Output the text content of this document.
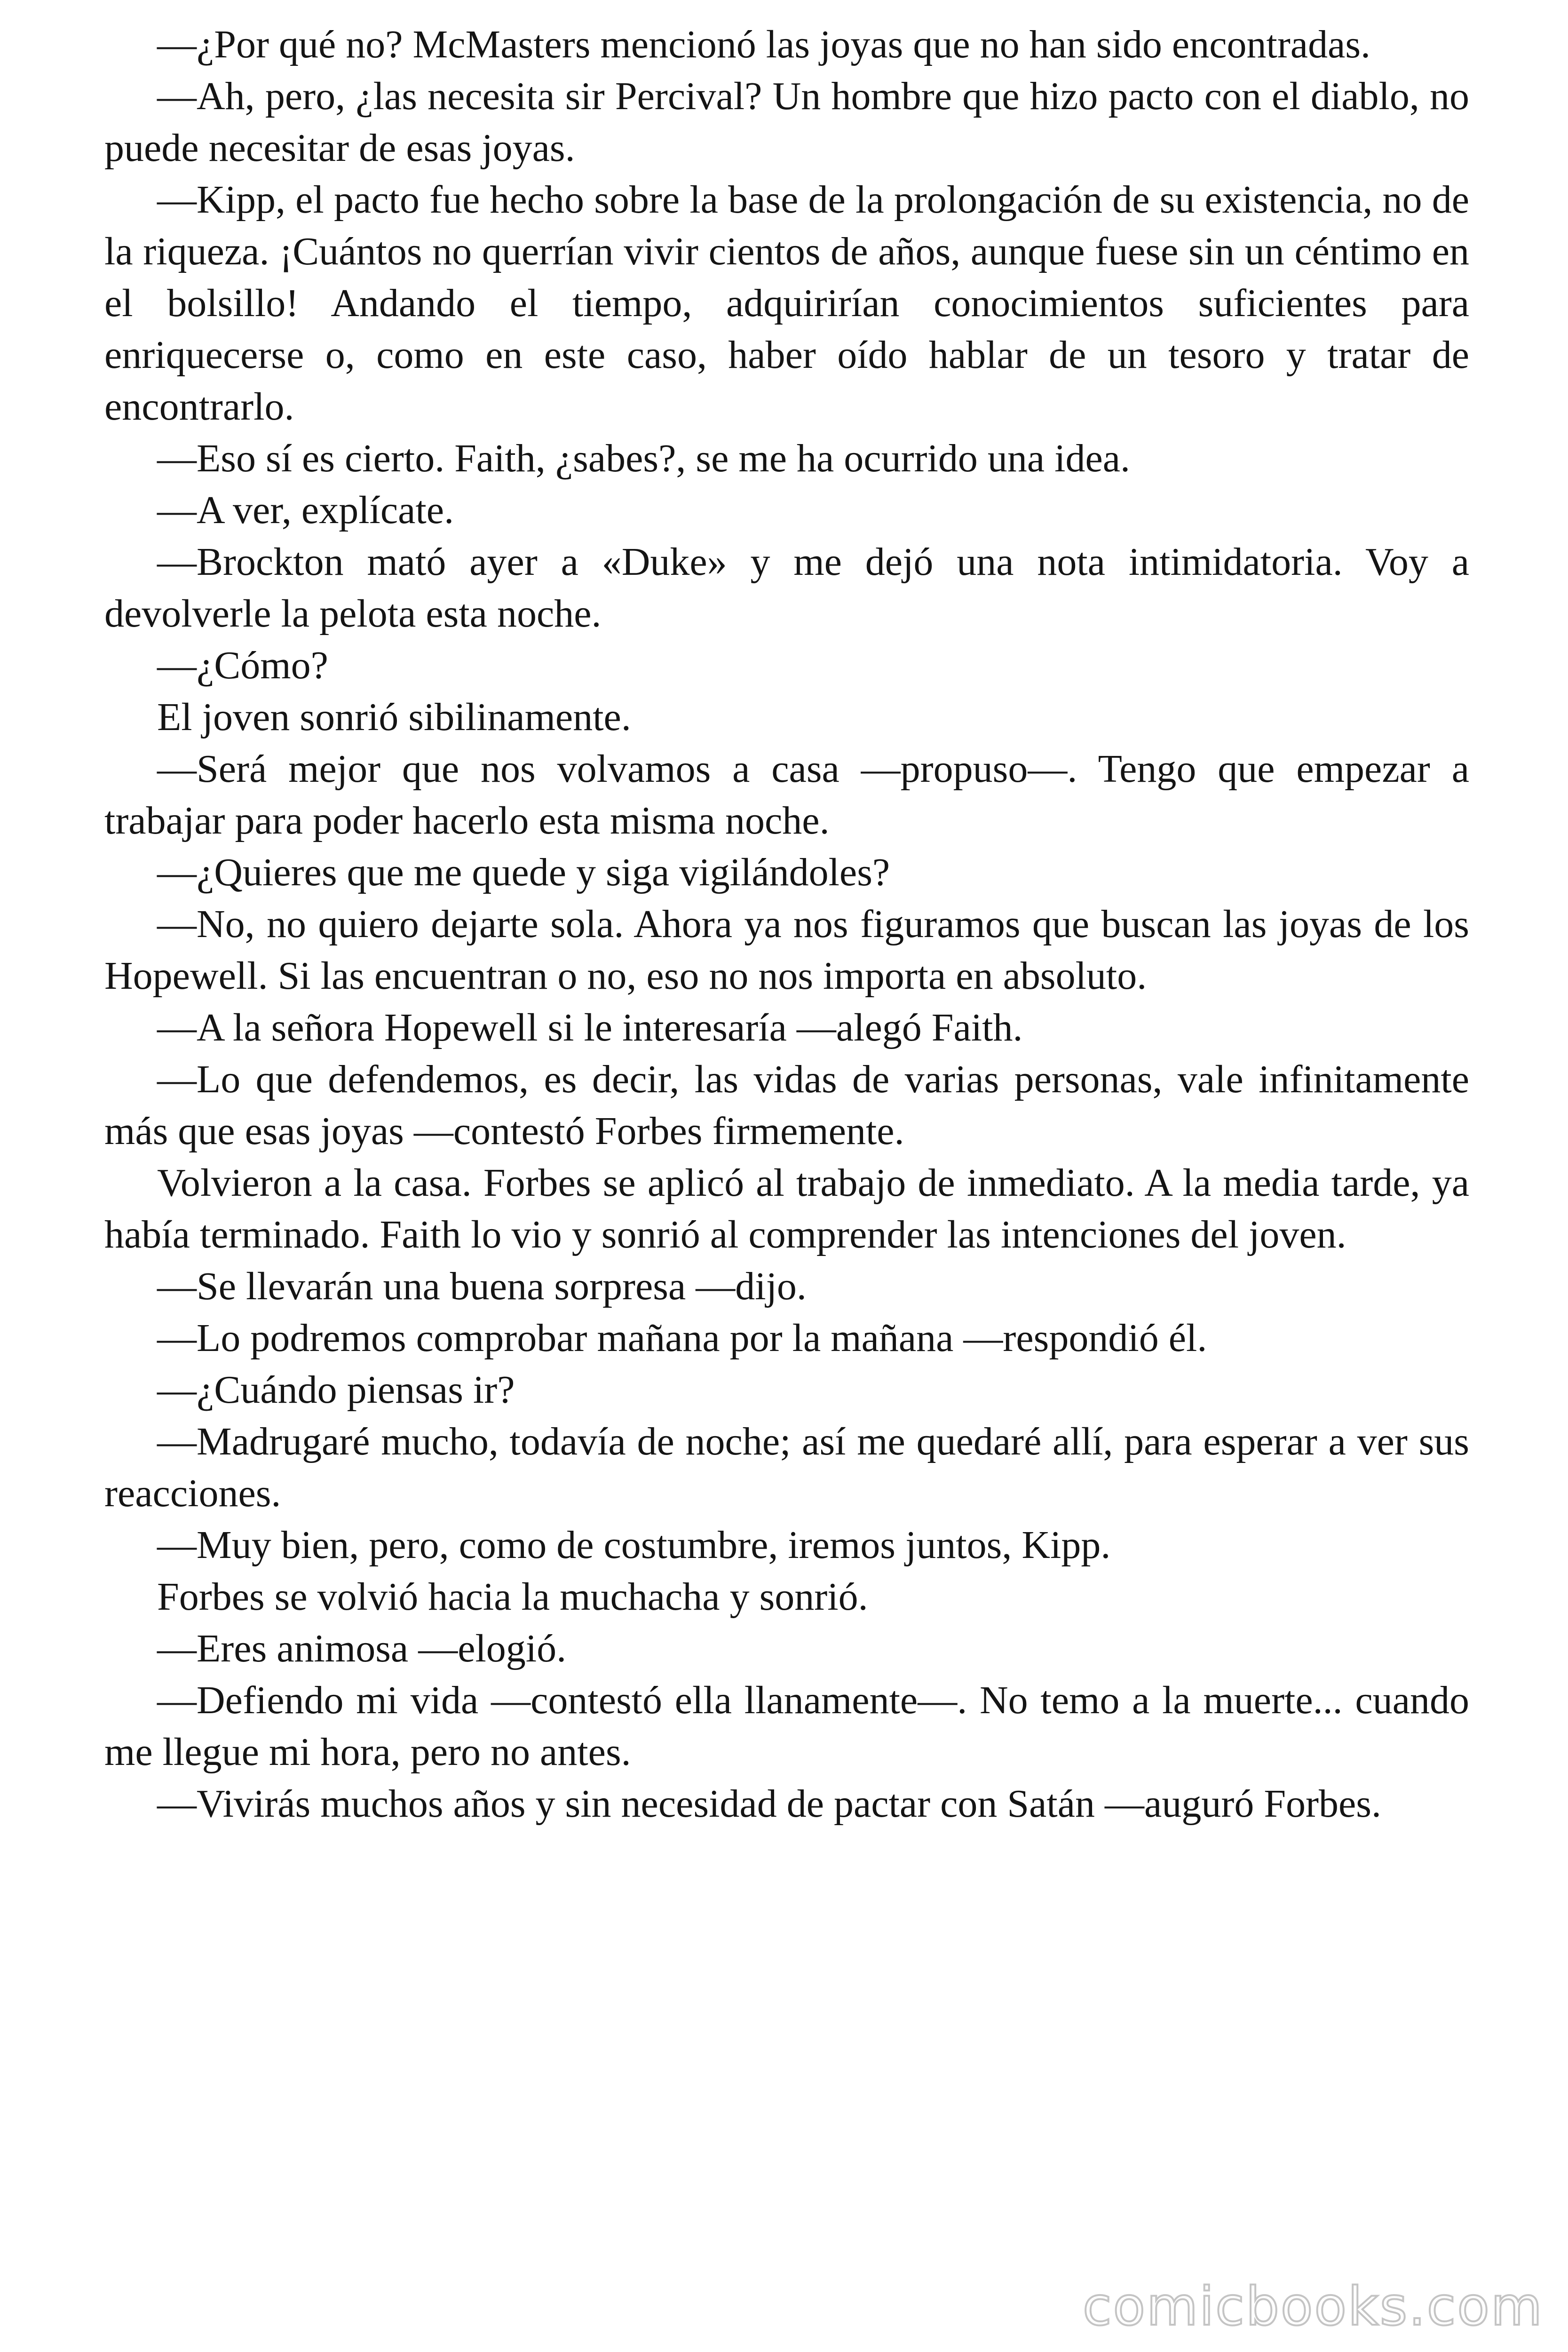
—¿Por qué no? McMasters mencionó las joyas que no han sido encontradas.

—Ah, pero, ¿las necesita sir Percival? Un hombre que hizo pacto con el diablo, no puede necesitar de esas joyas.

—Kipp, el pacto fue hecho sobre la base de la prolongación de su existencia, no de la riqueza. ¡Cuántos no querrían vivir cientos de años, aunque fuese sin un céntimo en el bolsillo! Andando el tiempo, adquirirían conocimientos suficientes para enriquecerse o, como en este caso, haber oído hablar de un tesoro y tratar de encontrarlo.

—Eso sí es cierto. Faith, ¿sabes?, se me ha ocurrido una idea.

—A ver, explícate.

—Brockton mató ayer a «Duke» y me dejó una nota intimidatoria. Voy a devolverle la pelota esta noche.

—¿Cómo?

El joven sonrió sibilinamente.

—Será mejor que nos volvamos a casa —propuso—. Tengo que empezar a trabajar para poder hacerlo esta misma noche.

—¿Quieres que me quede y siga vigilándoles?

—No, no quiero dejarte sola. Ahora ya nos figuramos que buscan las joyas de los Hopewell. Si las encuentran o no, eso no nos importa en absoluto.

—A la señora Hopewell si le interesaría —alegó Faith.

—Lo que defendemos, es decir, las vidas de varias personas, vale infinitamente más que esas joyas —contestó Forbes firmemente.

Volvieron a la casa. Forbes se aplicó al trabajo de inmediato. A la media tarde, ya había terminado. Faith lo vio y sonrió al comprender las intenciones del joven.

—Se llevarán una buena sorpresa —dijo.

—Lo podremos comprobar mañana por la mañana —respondió él.

—¿Cuándo piensas ir?

—Madrugaré mucho, todavía de noche; así me quedaré allí, para esperar a ver sus reacciones.

—Muy bien, pero, como de costumbre, iremos juntos, Kipp.

Forbes se volvió hacia la muchacha y sonrió.

—Eres animosa —elogió.

—Defiendo mi vida —contestó ella llanamente—. No temo a la muerte... cuando me llegue mi hora, pero no antes.

—Vivirás muchos años y sin necesidad de pactar con Satán —auguró Forbes.

comicbooks.com
